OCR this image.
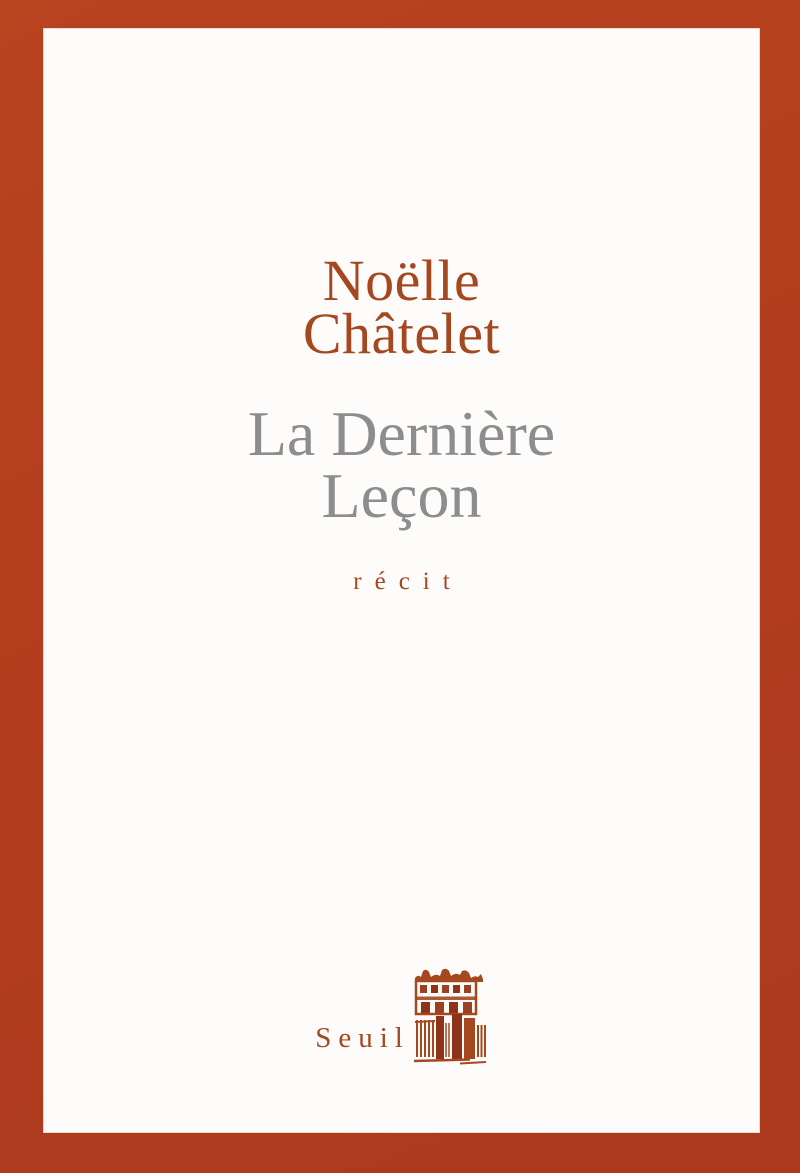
Noëlle
Châtelet
La Dernière
Leçon
récit
Seuil
